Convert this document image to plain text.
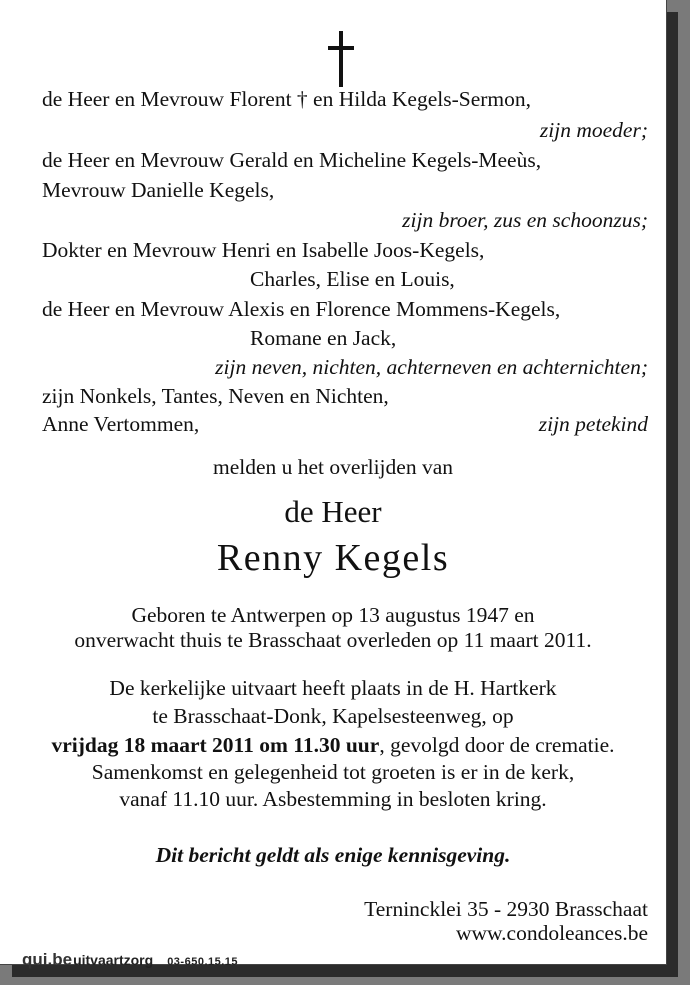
de Heer en Mevrouw Florent † en Hilda Kegels-Sermon,
zijn moeder;
de Heer en Mevrouw Gerald en Micheline Kegels-Meeùs,
Mevrouw Danielle Kegels,
zijn broer, zus en schoonzus;
Dokter en Mevrouw Henri en Isabelle Joos-Kegels,
Charles, Elise en Louis,
de Heer en Mevrouw Alexis en Florence Mommens-Kegels,
Romane en Jack,
zijn neven, nichten, achterneven en achternichten;
zijn Nonkels, Tantes, Neven en Nichten,
Anne Vertommen,	zijn petekind
melden u het overlijden van
de Heer
Renny Kegels
Geboren te Antwerpen op 13 augustus 1947 en
onverwacht thuis te Brasschaat overleden op 11 maart 2011.
De kerkelijke uitvaart heeft plaats in de H. Hartkerk
te Brasschaat-Donk, Kapelsesteenweg, op
vrijdag 18 maart 2011 om 11.30 uur, gevolgd door de crematie.
Samenkomst en gelegenheid tot groeten is er in de kerk,
vanaf 11.10 uur. Asbestemming in besloten kring.
Dit bericht geldt als enige kennisgeving.
Ternincklei 35 - 2930 Brasschaat
www.condoleances.be
qui.beuitvaartzorg 03-650.15.15
